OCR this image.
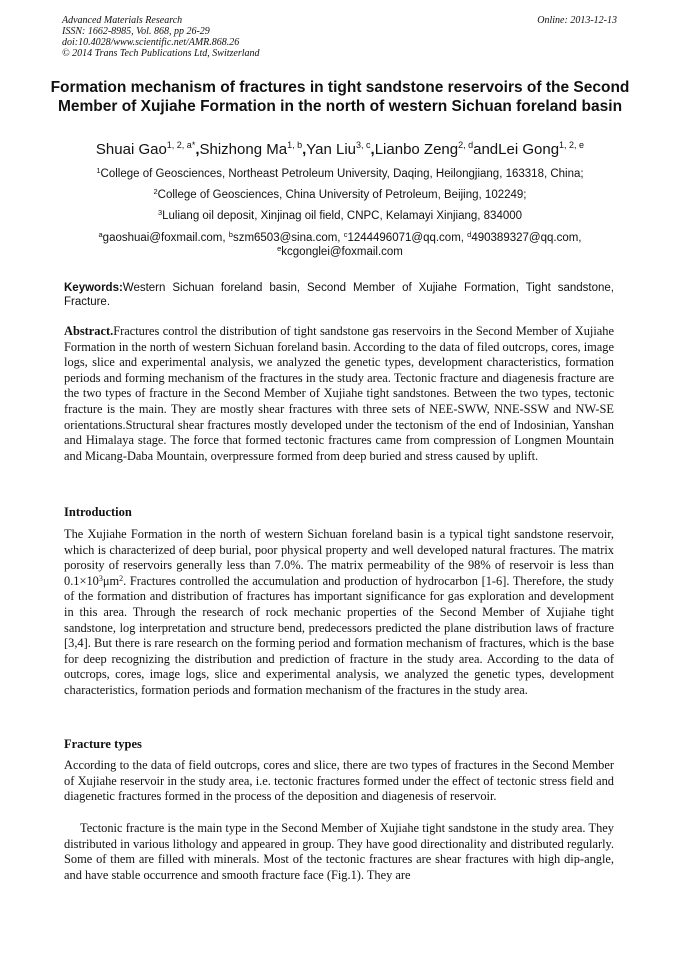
Advanced Materials Research
ISSN: 1662-8985, Vol. 868, pp 26-29
doi:10.4028/www.scientific.net/AMR.868.26
© 2014 Trans Tech Publications Ltd, Switzerland
Online: 2013-12-13
Formation mechanism of fractures in tight sandstone reservoirs of the Second Member of Xujiahe Formation in the north of western Sichuan foreland basin
Shuai Gao$^{1, 2, a*}$,Shizhong Ma$^{1, b}$,Yan Liu$^{3, c}$,Lianbo Zeng$^{2, d}$andLei Gong$^{1, 2, e}$
$^1$College of Geosciences, Northeast Petroleum University, Daqing, Heilongjiang, 163318, China;
$^2$College of Geosciences, China University of Petroleum, Beijing, 102249;
$^3$Luliang oil deposit, Xinjinag oil field, CNPC, Kelamayi Xinjiang, 834000
$^a$gaoshuai@foxmail.com, $^b$szm6503@sina.com, $^c$1244496071@qq.com, $^d$490389327@qq.com,
$^e$kcgonglei@foxmail.com
Keywords:Western Sichuan foreland basin, Second Member of Xujiahe Formation, Tight sandstone, Fracture.

Abstract.Fractures control the distribution of tight sandstone gas reservoirs in the Second Member of Xujiahe Formation in the north of western Sichuan foreland basin. According to the data of filed outcrops, cores, image logs, slice and experimental analysis, we analyzed the genetic types, development characteristics, formation periods and forming mechanism of the fractures in the study area. Tectonic fracture and diagenesis fracture are the two types of fracture in the Second Member of Xujiahe tight sandstones. Between the two types, tectonic fracture is the main. They are mostly shear fractures with three sets of NEE-SWW, NNE-SSW and NW-SE orientations.Structural shear fractures mostly developed under the tectonism of the end of Indosinian, Yanshan and Himalaya stage. The force that formed tectonic fractures came from compression of Longmen Mountain and Micang-Daba Mountain, overpressure formed from deep buried and stress caused by uplift.

Introduction

The Xujiahe Formation in the north of western Sichuan foreland basin is a typical tight sandstone reservoir, which is characterized of deep burial, poor physical property and well developed natural fractures. The matrix porosity of reservoirs generally less than 7.0%. The matrix permeability of the 98% of reservoir is less than $0.1\times 10^3\mu m^2$. Fractures controlled the accumulation and production of hydrocarbon [1-6]. Therefore, the study of the formation and distribution of fractures has important significance for gas exploration and development in this area. Through the research of rock mechanic properties of the Second Member of Xujiahe tight sandstone, log interpretation and structure bend, predecessors predicted the plane distribution laws of fracture [3,4]. But there is rare research on the forming period and formation mechanism of fractures, which is the base for deep recognizing the distribution and prediction of fracture in the study area. According to the data of outcrops, cores, image logs, slice and experimental analysis, we analyzed the genetic types, development characteristics, formation periods and formation mechanism of the fractures in the study area.

Fracture types

According to the data of field outcrops, cores and slice, there are two types of fractures in the Second Member of Xujiahe reservoir in the study area, i.e. tectonic fractures formed under the effect of tectonic stress field and diagenetic fractures formed in the process of the deposition and diagenesis of reservoir.

Tectonic fracture is the main type in the Second Member of Xujiahe tight sandstone in the study area. They distributed in various lithology and appeared in group. They have good directionality and distributed regularly. Some of them are filled with minerals. Most of the tectonic fractures are shear fractures with high dip-angle, and have stable occurrence and smooth fracture face (Fig.1). They are
